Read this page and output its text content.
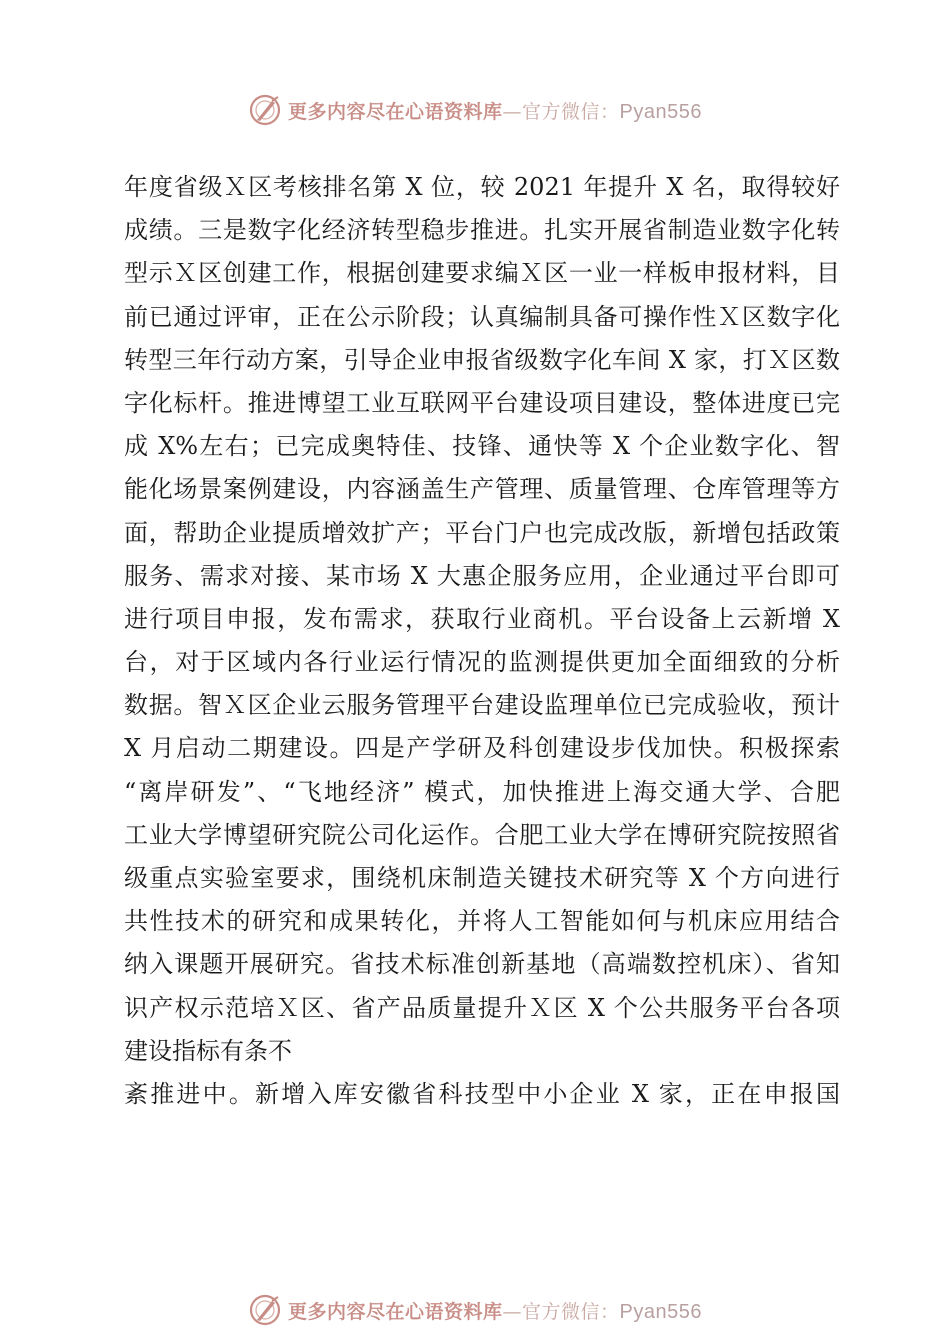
更多内容尽在心语资料库—官方微信：Pyan556
年度省级Ｘ区考核排名第 X 位，较 2021 年提升 X 名，取得较好
成绩。三是数字化经济转型稳步推进。扎实开展省制造业数字化转
型示Ｘ区创建工作，根据创建要求编Ｘ区一业一样板申报材料，目
前已通过评审，正在公示阶段；认真编制具备可操作性Ｘ区数字化
转型三年行动方案，引导企业申报省级数字化车间 X 家，打Ｘ区数
字化标杆。推进博望工业互联网平台建设项目建设，整体进度已完
成 X%左右；已完成奥特佳、技锋、通快等 X 个企业数字化、智
能化场景案例建设，内容涵盖生产管理、质量管理、仓库管理等方
面，帮助企业提质增效扩产；平台门户也完成改版，新增包括政策
服务、需求对接、某市场 X 大惠企服务应用，企业通过平台即可
进行项目申报，发布需求，获取行业商机。平台设备上云新增 X
台，对于区域内各行业运行情况的监测提供更加全面细致的分析
数据。智Ｘ区企业云服务管理平台建设监理单位已完成验收，预计
X 月启动二期建设。四是产学研及科创建设步伐加快。积极探索
“离岸研发”、“飞地经济” 模式，加快推进上海交通大学、合肥
工业大学博望研究院公司化运作。合肥工业大学在博研究院按照省
级重点实验室要求，围绕机床制造关键技术研究等 X 个方向进行
共性技术的研究和成果转化，并将人工智能如何与机床应用结合
纳入课题开展研究。省技术标准创新基地（高端数控机床）、省知
识产权示范培Ｘ区、省产品质量提升Ｘ区 X 个公共服务平台各项
建设指标有条不
紊推进中。新增入库安徽省科技型中小企业 X 家，正在申报国
更多内容尽在心语资料库—官方微信：Pyan556
